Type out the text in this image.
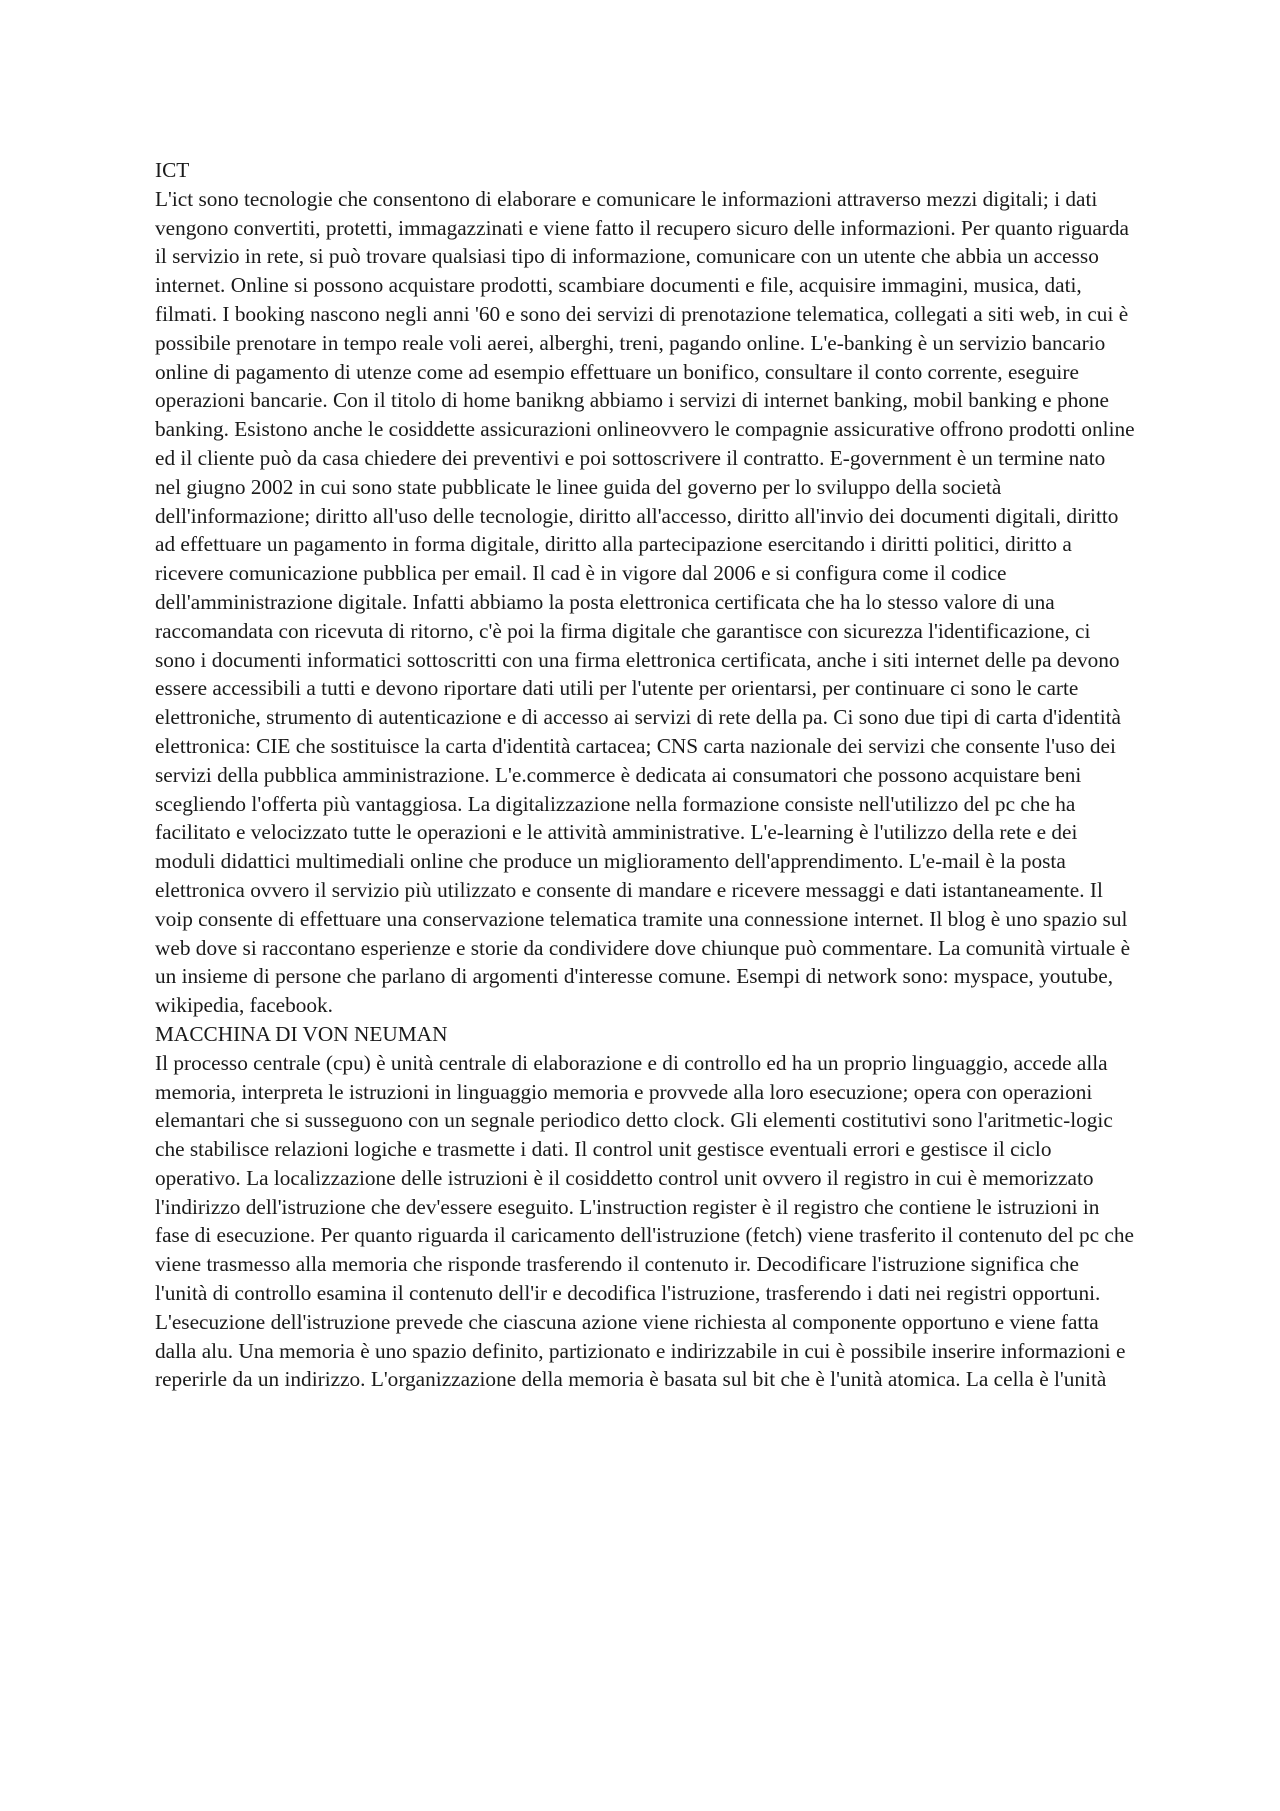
ICT

L'ict sono tecnologie che consentono di elaborare e comunicare le informazioni attraverso mezzi digitali; i dati vengono convertiti, protetti, immagazzinati e viene fatto il recupero sicuro delle informazioni. Per quanto riguarda il servizio in rete, si può trovare qualsiasi tipo di informazione, comunicare con un utente che abbia un accesso internet. Online si possono acquistare prodotti, scambiare documenti e file, acquisire immagini, musica, dati, filmati. I booking nascono negli anni '60 e sono dei servizi di prenotazione telematica, collegati a siti web, in cui è possibile prenotare in tempo reale voli aerei, alberghi, treni, pagando online. L'e-banking è un servizio bancario online di pagamento di utenze come ad esempio effettuare un bonifico, consultare il conto corrente, eseguire operazioni bancarie. Con il titolo di home banikng abbiamo i servizi di internet banking, mobil banking e phone banking. Esistono anche le cosiddette assicurazioni onlineovvero le compagnie assicurative offrono prodotti online ed il cliente può da casa chiedere dei preventivi e poi sottoscrivere il contratto. E-government è un termine nato nel giugno 2002 in cui sono state pubblicate le linee guida del governo per lo sviluppo della società dell'informazione; diritto all'uso delle tecnologie, diritto all'accesso, diritto all'invio dei documenti digitali, diritto ad effettuare un pagamento in forma digitale, diritto alla partecipazione esercitando i diritti politici, diritto a ricevere comunicazione pubblica per email. Il cad è in vigore dal 2006 e si configura come il codice dell'amministrazione digitale. Infatti abbiamo la posta elettronica certificata che ha lo stesso valore di una raccomandata con ricevuta di ritorno, c'è poi la firma digitale che garantisce con sicurezza l'identificazione, ci sono i documenti informatici sottoscritti con una firma elettronica certificata, anche i siti internet delle pa devono essere accessibili a tutti e devono riportare dati utili per l'utente per orientarsi, per continuare ci sono le carte elettroniche, strumento di autenticazione e di accesso ai servizi di rete della pa. Ci sono due tipi di carta d'identità elettronica: CIE che sostituisce la carta d'identità cartacea; CNS carta nazionale dei servizi che consente l'uso dei servizi della pubblica amministrazione. L'e.commerce è dedicata ai consumatori che possono acquistare beni scegliendo l'offerta più vantaggiosa. La digitalizzazione nella formazione consiste nell'utilizzo del pc che ha facilitato e velocizzato tutte le operazioni e le attività amministrative. L'e-learning è l'utilizzo della rete e dei moduli didattici multimediali online che produce un miglioramento dell'apprendimento. L'e-mail è la posta elettronica ovvero il servizio più utilizzato e consente di mandare e ricevere messaggi e dati istantaneamente. Il voip consente di effettuare una conservazione telematica tramite una connessione internet. Il blog è uno spazio sul web dove si raccontano esperienze e storie da condividere dove chiunque può commentare. La comunità virtuale è un insieme di persone che parlano di argomenti d'interesse comune. Esempi di network sono: myspace, youtube, wikipedia, facebook.

MACCHINA DI VON NEUMAN

Il processo centrale (cpu) è unità centrale di elaborazione e di controllo ed ha un proprio linguaggio, accede alla memoria, interpreta le istruzioni in linguaggio memoria e provvede alla loro esecuzione; opera con operazioni elemantari che si susseguono con un segnale periodico detto clock. Gli elementi costitutivi sono l'aritmetic-logic che stabilisce relazioni logiche e trasmette i dati. Il control unit gestisce eventuali errori e gestisce il ciclo operativo. La localizzazione delle istruzioni è il cosiddetto control unit ovvero il registro in cui è memorizzato l'indirizzo dell'istruzione che dev'essere eseguito. L'instruction register è il registro che contiene le istruzioni in fase di esecuzione. Per quanto riguarda il caricamento dell'istruzione (fetch) viene trasferito il contenuto del pc che viene trasmesso alla memoria che risponde trasferendo il contenuto ir. Decodificare l'istruzione significa che l'unità di controllo esamina il contenuto dell'ir e decodifica l'istruzione, trasferendo i dati nei registri opportuni. L'esecuzione dell'istruzione prevede che ciascuna azione viene richiesta al componente opportuno e viene fatta dalla alu. Una memoria è uno spazio definito, partizionato e indirizzabile in cui è possibile inserire informazioni e reperirle da un indirizzo. L'organizzazione della memoria è basata sul bit che è l'unità atomica. La cella è l'unità
